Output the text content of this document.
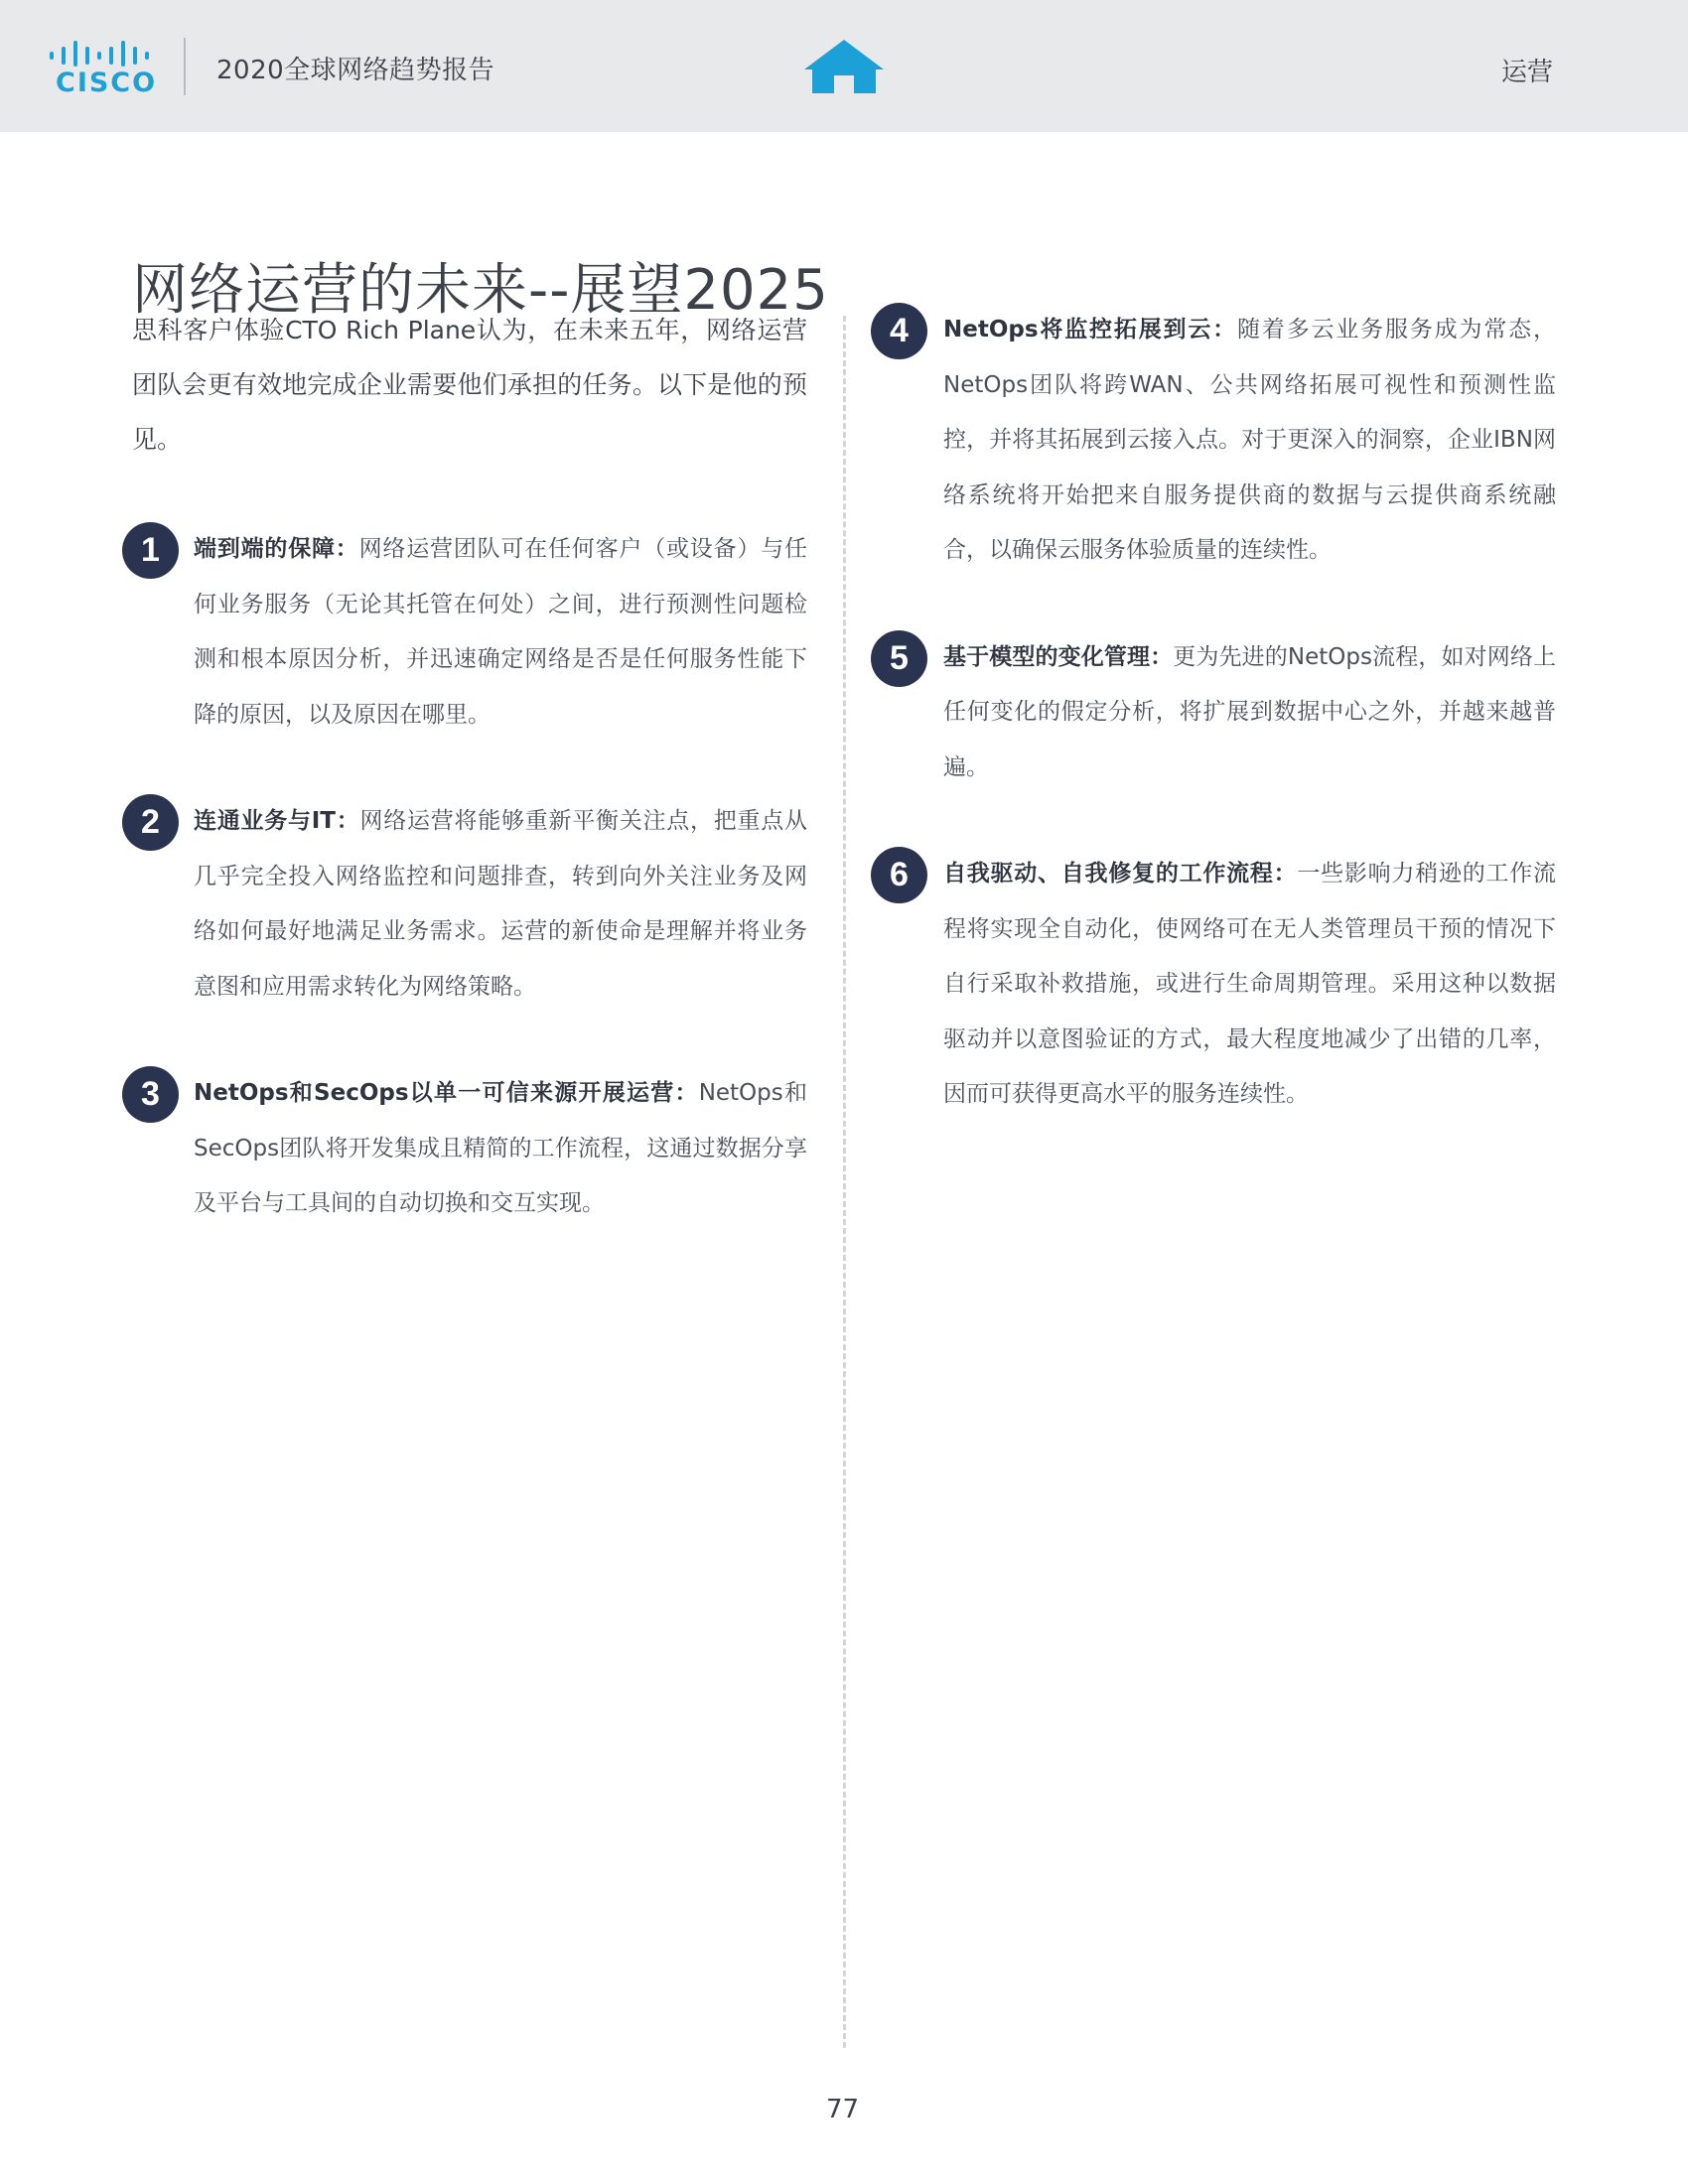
CISCO 2020全球网络趋势报告	运营
网络运营的未来--展望2025

思科客户体验CTO Rich Plane认为，在未来五年，网络运营团队会更有效地完成企业需要他们承担的任务。以下是他的预见。

1	端到端的保障：网络运营团队可在任何客户（或设备）与任何业务服务（无论其托管在何处）之间，进行预测性问题检测和根本原因分析，并迅速确定网络是否是任何服务性能下降的原因，以及原因在哪里。

2	连通业务与IT：网络运营将能够重新平衡关注点，把重点从几乎完全投入网络监控和问题排查，转到向外关注业务及网络如何最好地满足业务需求。运营的新使命是理解并将业务意图和应用需求转化为网络策略。

3	NetOps和SecOps以单一可信来源开展运营：NetOps和SecOps团队将开发集成且精简的工作流程，这通过数据分享及平台与工具间的自动切换和交互实现。

4	NetOps将监控拓展到云：随着多云业务服务成为常态，NetOps团队将跨WAN、公共网络拓展可视性和预测性监控，并将其拓展到云接入点。对于更深入的洞察，企业IBN网络系统将开始把来自服务提供商的数据与云提供商系统融合，以确保云服务体验质量的连续性。

5	基于模型的变化管理：更为先进的NetOps流程，如对网络上任何变化的假定分析，将扩展到数据中心之外，并越来越普遍。

6	自我驱动、自我修复的工作流程：一些影响力稍逊的工作流程将实现全自动化，使网络可在无人类管理员干预的情况下自行采取补救措施，或进行生命周期管理。采用这种以数据驱动并以意图验证的方式，最大程度地减少了出错的几率，因而可获得更高水平的服务连续性。

77
